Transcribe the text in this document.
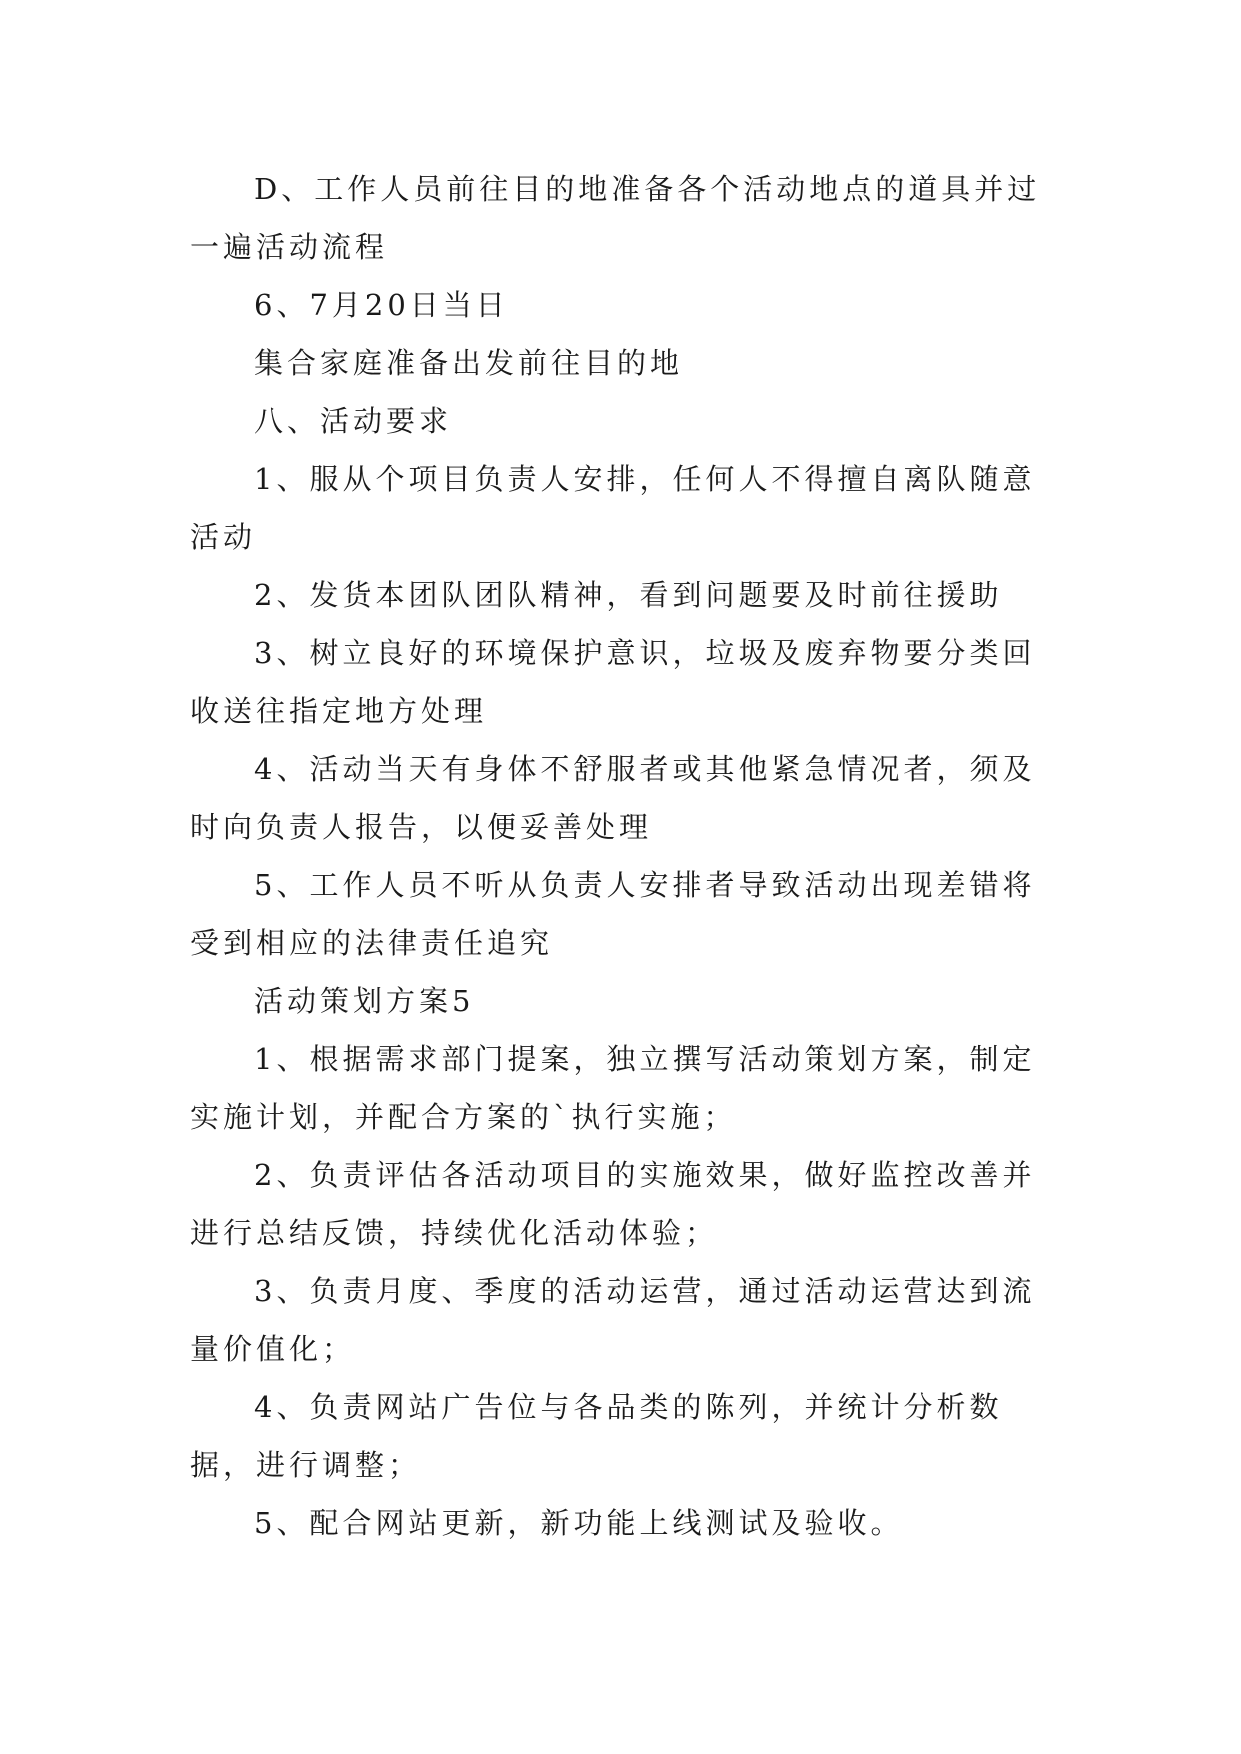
D、工作人员前往目的地准备各个活动地点的道具并过一遍活动流程

6、7月20日当日

集合家庭准备出发前往目的地

八、活动要求

1、服从个项目负责人安排，任何人不得擅自离队随意活动

2、发货本团队团队精神，看到问题要及时前往援助

3、树立良好的环境保护意识，垃圾及废弃物要分类回收送往指定地方处理

4、活动当天有身体不舒服者或其他紧急情况者，须及时向负责人报告，以便妥善处理

5、工作人员不听从负责人安排者导致活动出现差错将受到相应的法律责任追究

活动策划方案5

1、根据需求部门提案，独立撰写活动策划方案，制定实施计划，并配合方案的`执行实施；

2、负责评估各活动项目的实施效果，做好监控改善并进行总结反馈，持续优化活动体验；

3、负责月度、季度的活动运营，通过活动运营达到流量价值化；

4、负责网站广告位与各品类的陈列，并统计分析数据，进行调整；

5、配合网站更新，新功能上线测试及验收。
